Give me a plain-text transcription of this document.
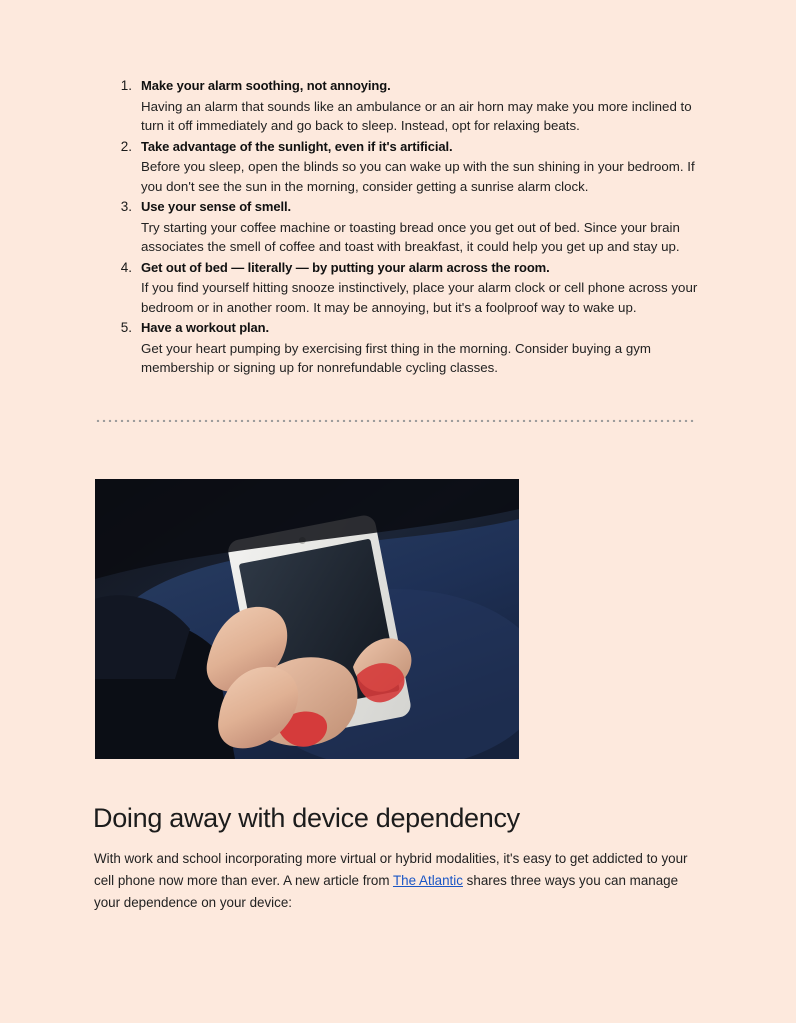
1. Make your alarm soothing, not annoying.
Having an alarm that sounds like an ambulance or an air horn may make you more inclined to turn it off immediately and go back to sleep. Instead, opt for relaxing beats.
2. Take advantage of the sunlight, even if it's artificial.
Before you sleep, open the blinds so you can wake up with the sun shining in your bedroom. If you don't see the sun in the morning, consider getting a sunrise alarm clock.
3. Use your sense of smell.
Try starting your coffee machine or toasting bread once you get out of bed. Since your brain associates the smell of coffee and toast with breakfast, it could help you get up and stay up.
4. Get out of bed — literally — by putting your alarm across the room.
If you find yourself hitting snooze instinctively, place your alarm clock or cell phone across your bedroom or in another room. It may be annoying, but it's a foolproof way to wake up.
5. Have a workout plan.
Get your heart pumping by exercising first thing in the morning. Consider buying a gym membership or signing up for nonrefundable cycling classes.
Doing away with device dependency

With work and school incorporating more virtual or hybrid modalities, it's easy to get addicted to your cell phone now more than ever. A new article from The Atlantic shares three ways you can manage your dependence on your device:
